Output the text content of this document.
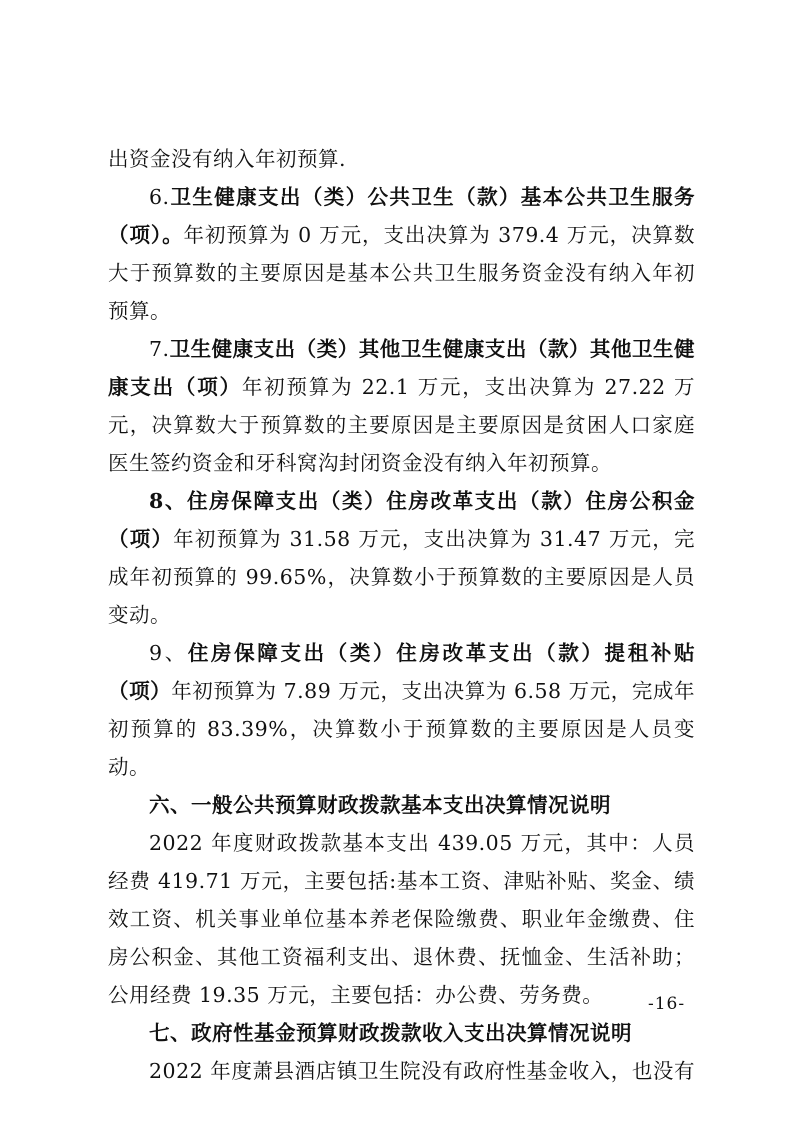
出资金没有纳入年初预算.

6.卫生健康支出（类）公共卫生（款）基本公共卫生服务（项）。年初预算为 0 万元，支出决算为 379.4 万元，决算数大于预算数的主要原因是基本公共卫生服务资金没有纳入年初预算。

7.卫生健康支出（类）其他卫生健康支出（款）其他卫生健康支出（项）年初预算为 22.1 万元，支出决算为 27.22 万元，决算数大于预算数的主要原因是主要原因是贫困人口家庭医生签约资金和牙科窝沟封闭资金没有纳入年初预算。

8、住房保障支出（类）住房改革支出（款）住房公积金（项）年初预算为 31.58 万元，支出决算为 31.47 万元，完成年初预算的 99.65%，决算数小于预算数的主要原因是人员变动。

9、住房保障支出（类）住房改革支出（款）提租补贴（项）年初预算为 7.89 万元，支出决算为 6.58 万元，完成年初预算的 83.39%，决算数小于预算数的主要原因是人员变动。

六、一般公共预算财政拨款基本支出决算情况说明

2022 年度财政拨款基本支出 439.05 万元，其中：人员经费 419.71 万元，主要包括:基本工资、津贴补贴、奖金、绩效工资、机关事业单位基本养老保险缴费、职业年金缴费、住房公积金、其他工资福利支出、退休费、抚恤金、生活补助；公用经费 19.35 万元，主要包括：办公费、劳务费。

七、政府性基金预算财政拨款收入支出决算情况说明

2022 年度萧县酒店镇卫生院没有政府性基金收入，也没有

-16-
